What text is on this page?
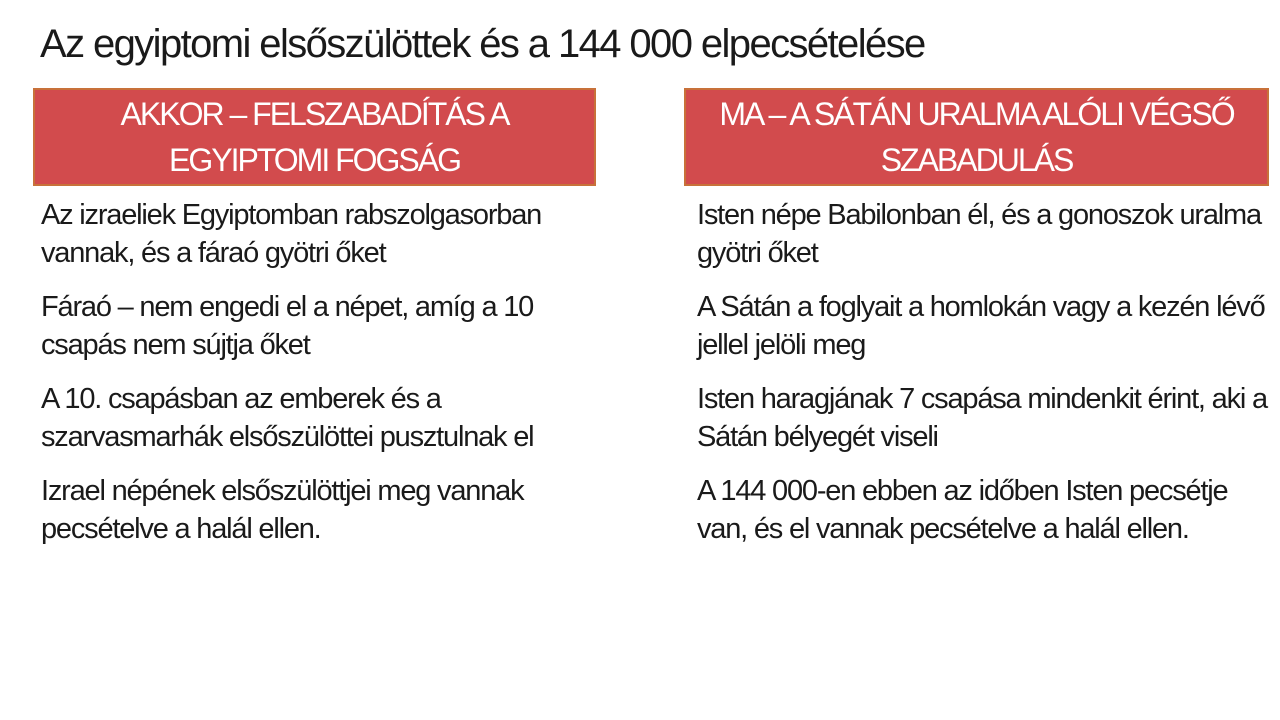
Az egyiptomi elsőszülöttek és a 144 000 elpecsételése
AKKOR – FELSZABADÍTÁS A EGYIPTOMI FOGSÁG
Az izraeliek Egyiptomban rabszolgasorban vannak, és a fáraó gyötri őket
Fáraó – nem engedi el a népet, amíg a 10 csapás nem sújtja őket
A 10. csapásban az emberek és a szarvasmarhák elsőszülöttei pusztulnak el
Izrael népének elsőszülöttjei meg vannak pecsételve a halál ellen.
MA – A SÁTÁN URALMA ALÓLI VÉGSŐ SZABADULÁS
Isten népe Babilonban él, és a gonoszok uralma gyötri őket
A Sátán a foglyait a homlokán vagy a kezén lévő jellel jelöli meg
Isten haragjának 7 csapása mindenkit érint, aki a Sátán bélyegét viseli
A 144 000-en ebben az időben Isten pecsétje van, és el vannak pecsételve a halál ellen.
